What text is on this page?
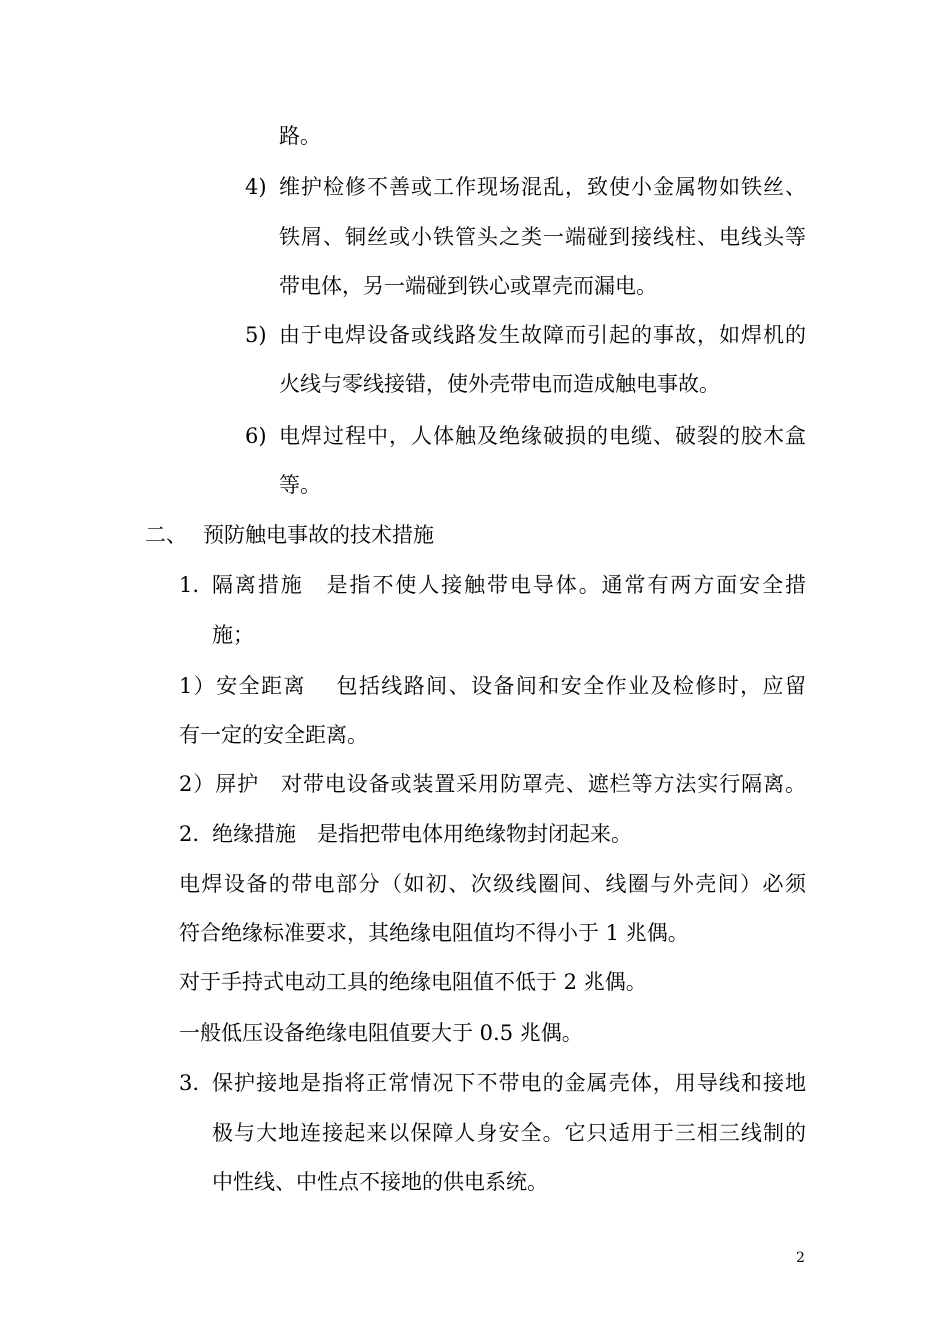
路。
4) 维护检修不善或工作现场混乱，致使小金属物如铁丝、
铁屑、铜丝或小铁管头之类一端碰到接线柱、电线头等
带电体，另一端碰到铁心或罩壳而漏电。
5) 由于电焊设备或线路发生故障而引起的事故，如焊机的
火线与零线接错，使外壳带电而造成触电事故。
6) 电焊过程中，人体触及绝缘破损的电缆、破裂的胶木盒
等。
二、 预防触电事故的技术措施
1. 隔离措施　是指不使人接触带电导体。通常有两方面安全措
施；
1）安全距离　 包括线路间、设备间和安全作业及检修时，应留
有一定的安全距离。
2）屏护　对带电设备或装置采用防罩壳、遮栏等方法实行隔离。
2. 绝缘措施　是指把带电体用绝缘物封闭起来。
电焊设备的带电部分（如初、次级线圈间、线圈与外壳间）必须
符合绝缘标准要求，其绝缘电阻值均不得小于 1 兆偶。
对于手持式电动工具的绝缘电阻值不低于 2 兆偶。
一般低压设备绝缘电阻值要大于 0.5 兆偶。
3. 保护接地是指将正常情况下不带电的金属壳体，用导线和接地
极与大地连接起来以保障人身安全。它只适用于三相三线制的
中性线、中性点不接地的供电系统。
2
